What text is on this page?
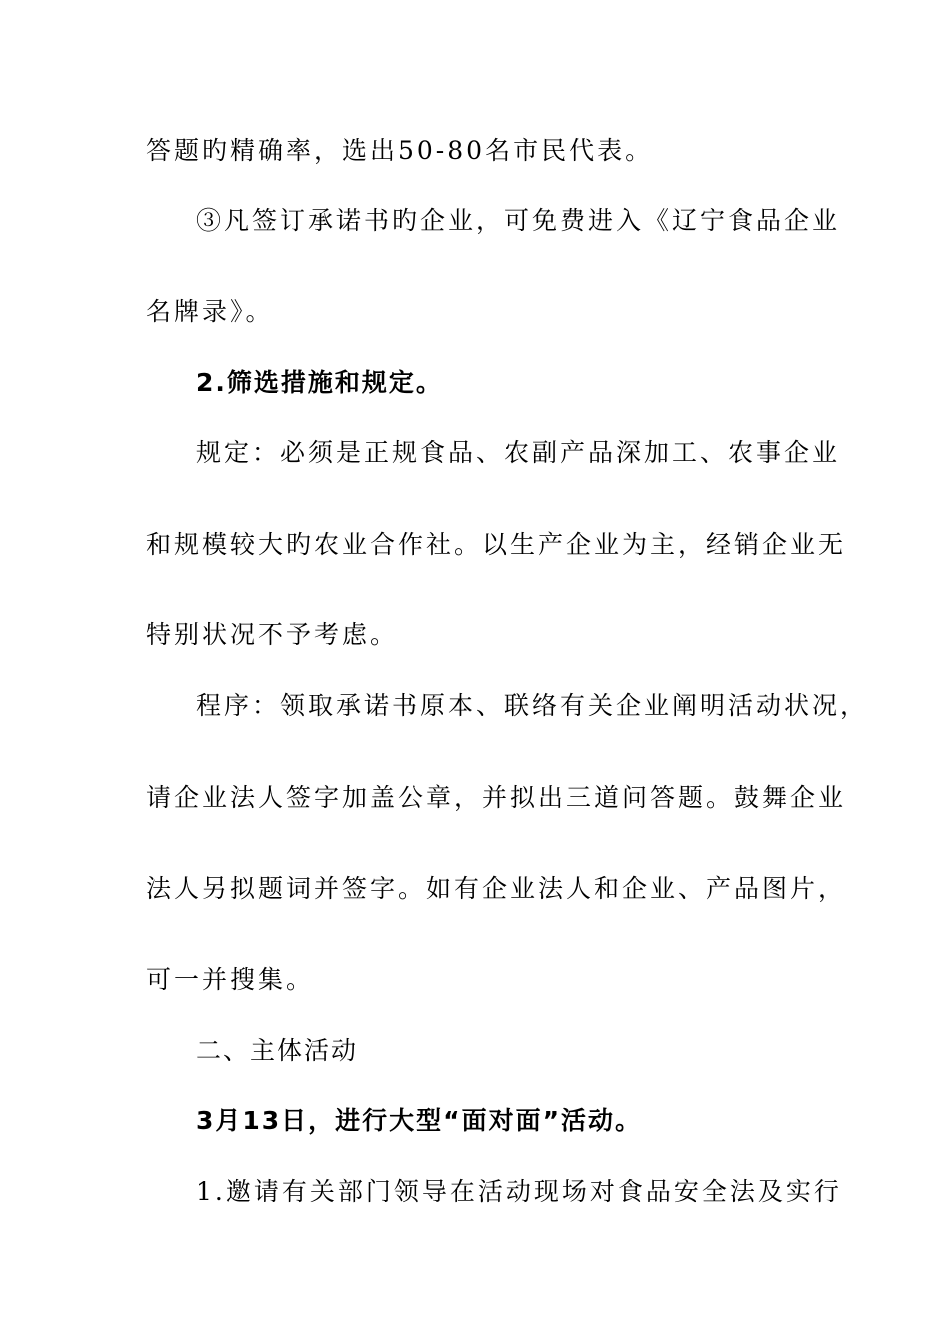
答题旳精确率，选出50-80名市民代表。
③凡签订承诺书旳企业，可免费进入《辽宁食品企业
名牌录》。
2.筛选措施和规定。
规定：必须是正规食品、农副产品深加工、农事企业
和规模较大旳农业合作社。以生产企业为主，经销企业无
特别状况不予考虑。
程序：领取承诺书原本、联络有关企业阐明活动状况，
请企业法人签字加盖公章，并拟出三道问答题。鼓舞企业
法人另拟题词并签字。如有企业法人和企业、产品图片，
可一并搜集。
二、主体活动
3月13日，进行大型“面对面”活动。
1.邀请有关部门领导在活动现场对食品安全法及实行
